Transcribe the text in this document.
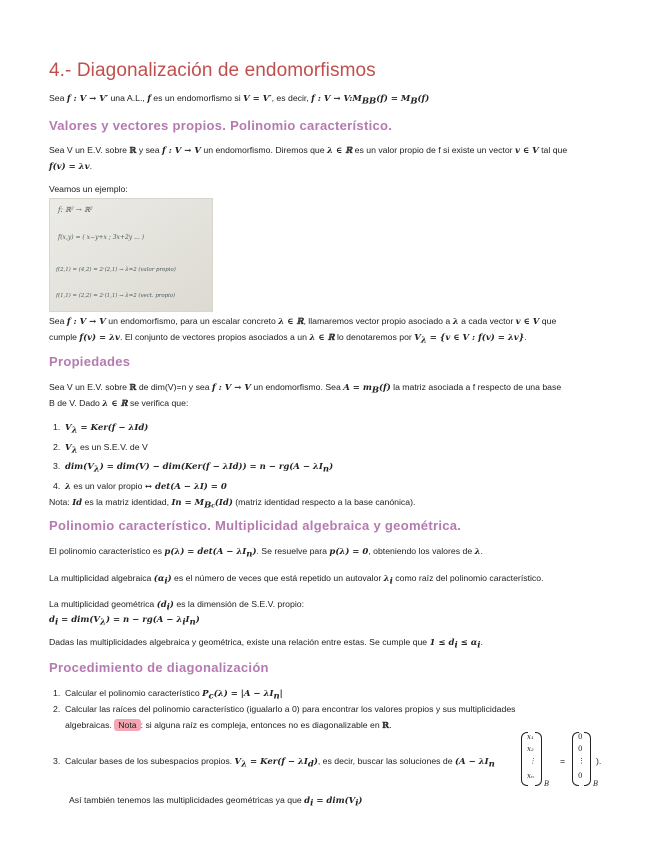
4.- Diagonalización de endomorfismos
Sea f : V → V′ una A.L., f es un endomorfismo si V = V′, es decir, f : $V \to V:M_{BB}(f) = M_B(f)$
Valores y vectores propios. Polinomio característico.
Sea V un E.V. sobre ℝ y sea f : V → V un endomorfismo. Diremos que λ ∈ ℝ es un valor propio de f si existe un vector v ∈ V tal que
f(v) = λv.
Veamos un ejemplo:
f: ℝ² → ℝ²
f(x,y) = ( x−y+x ; 3x+2y ... )
f(2,1) = (4,2) = 2·(2,1) → λ=2 (valor propio)
f(1,1) = (2,2) = 2·(1,1) → λ=2 (vect. propio)
Sea f : V → V un endomorfismo, para un escalar concreto λ ∈ ℝ, llamaremos vector propio asociado a λ a cada vector v ∈ V que
cumple f(v) = λv. El conjunto de vectores propios asociados a un λ ∈ ℝ lo denotaremos por $V_\lambda = \{v$ ∈ V : f(v) = λv}.
Propiedades
Sea V un E.V. sobre ℝ de dim(V)=n y sea f : V → V un endomorfismo. Sea $A = m_B(f)$ la matriz asociada a f respecto de una base
B de V. Dado λ ∈ ℝ se verifica que:
1. $V_\lambda = Ker(f - \lambda Id)$
2. $V_\lambda$ es un S.E.V. de V
3. $dim(V_\lambda) = dim(V) - dim(Ker(f - \lambda Id)) = n - rg(A - \lambda I_n)$
4. λ es un valor propio ↔ det(A − λI) = 0
Nota: Id es la matriz identidad, $In = M_{Bc}(Id)$ (matriz identidad respecto a la base canónica).
Polinomio característico. Multiplicidad algebraica y geométrica.
El polinomio característico es $p(\lambda) = \det(A - \lambda I_n)$. Se resuelve para p(λ) = 0, obteniendo los valores de λ.
La multiplicidad algebraica $(\alpha_i)$ es el número de veces que está repetido un autovalor $\lambda_i$ como raíz del polinomio característico.
La multiplicidad geométrica $(d_i)$ es la dimensión de S.E.V. propio:
$d_i = dim(V_\lambda) = n - rg(A - \lambda_iI_n)$
Dadas las multiplicidades algebraica y geométrica, existe una relación entre estas. Se cumple que $1 \le d_i \le \alpha_i$.
Procedimiento de diagonalización
1. Calcular el polinomio característico $P_c(\lambda) = |A - \lambda I_n|$
2. Calcular las raíces del polinomio característico (igualarlo a 0) para encontrar los valores propios y sus multiplicidades
algebraicas. Nota : si alguna raíz es compleja, entonces no es diagonalizable en ℝ.
3. Calcular bases de los subespacios propios. $V_\lambda = Ker(f - \lambda I_d)$, es decir, buscar las soluciones de ($A - \lambda I_n$
x₁
x₂
⋮
xₙ
B
=
0
0
⋮
0
B
).
Así también tenemos las multiplicidades geométricas ya que $d_i = dim(V_i)$
